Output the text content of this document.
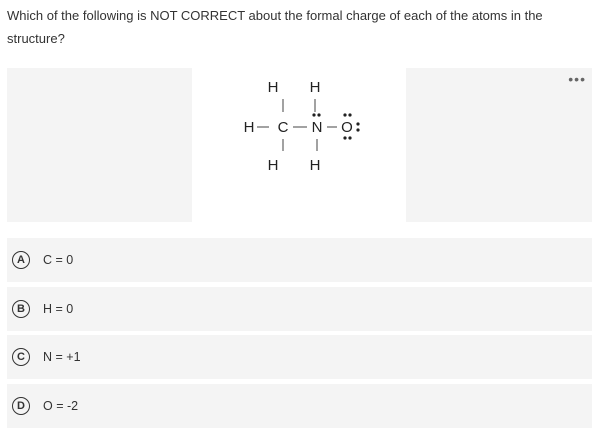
Which of the following is NOT CORRECT about the formal charge of each of the atoms in the structure?
•••
H H
H C N O
H H
A	C = 0
B	H = 0
C	N = +1
D	O = -2
